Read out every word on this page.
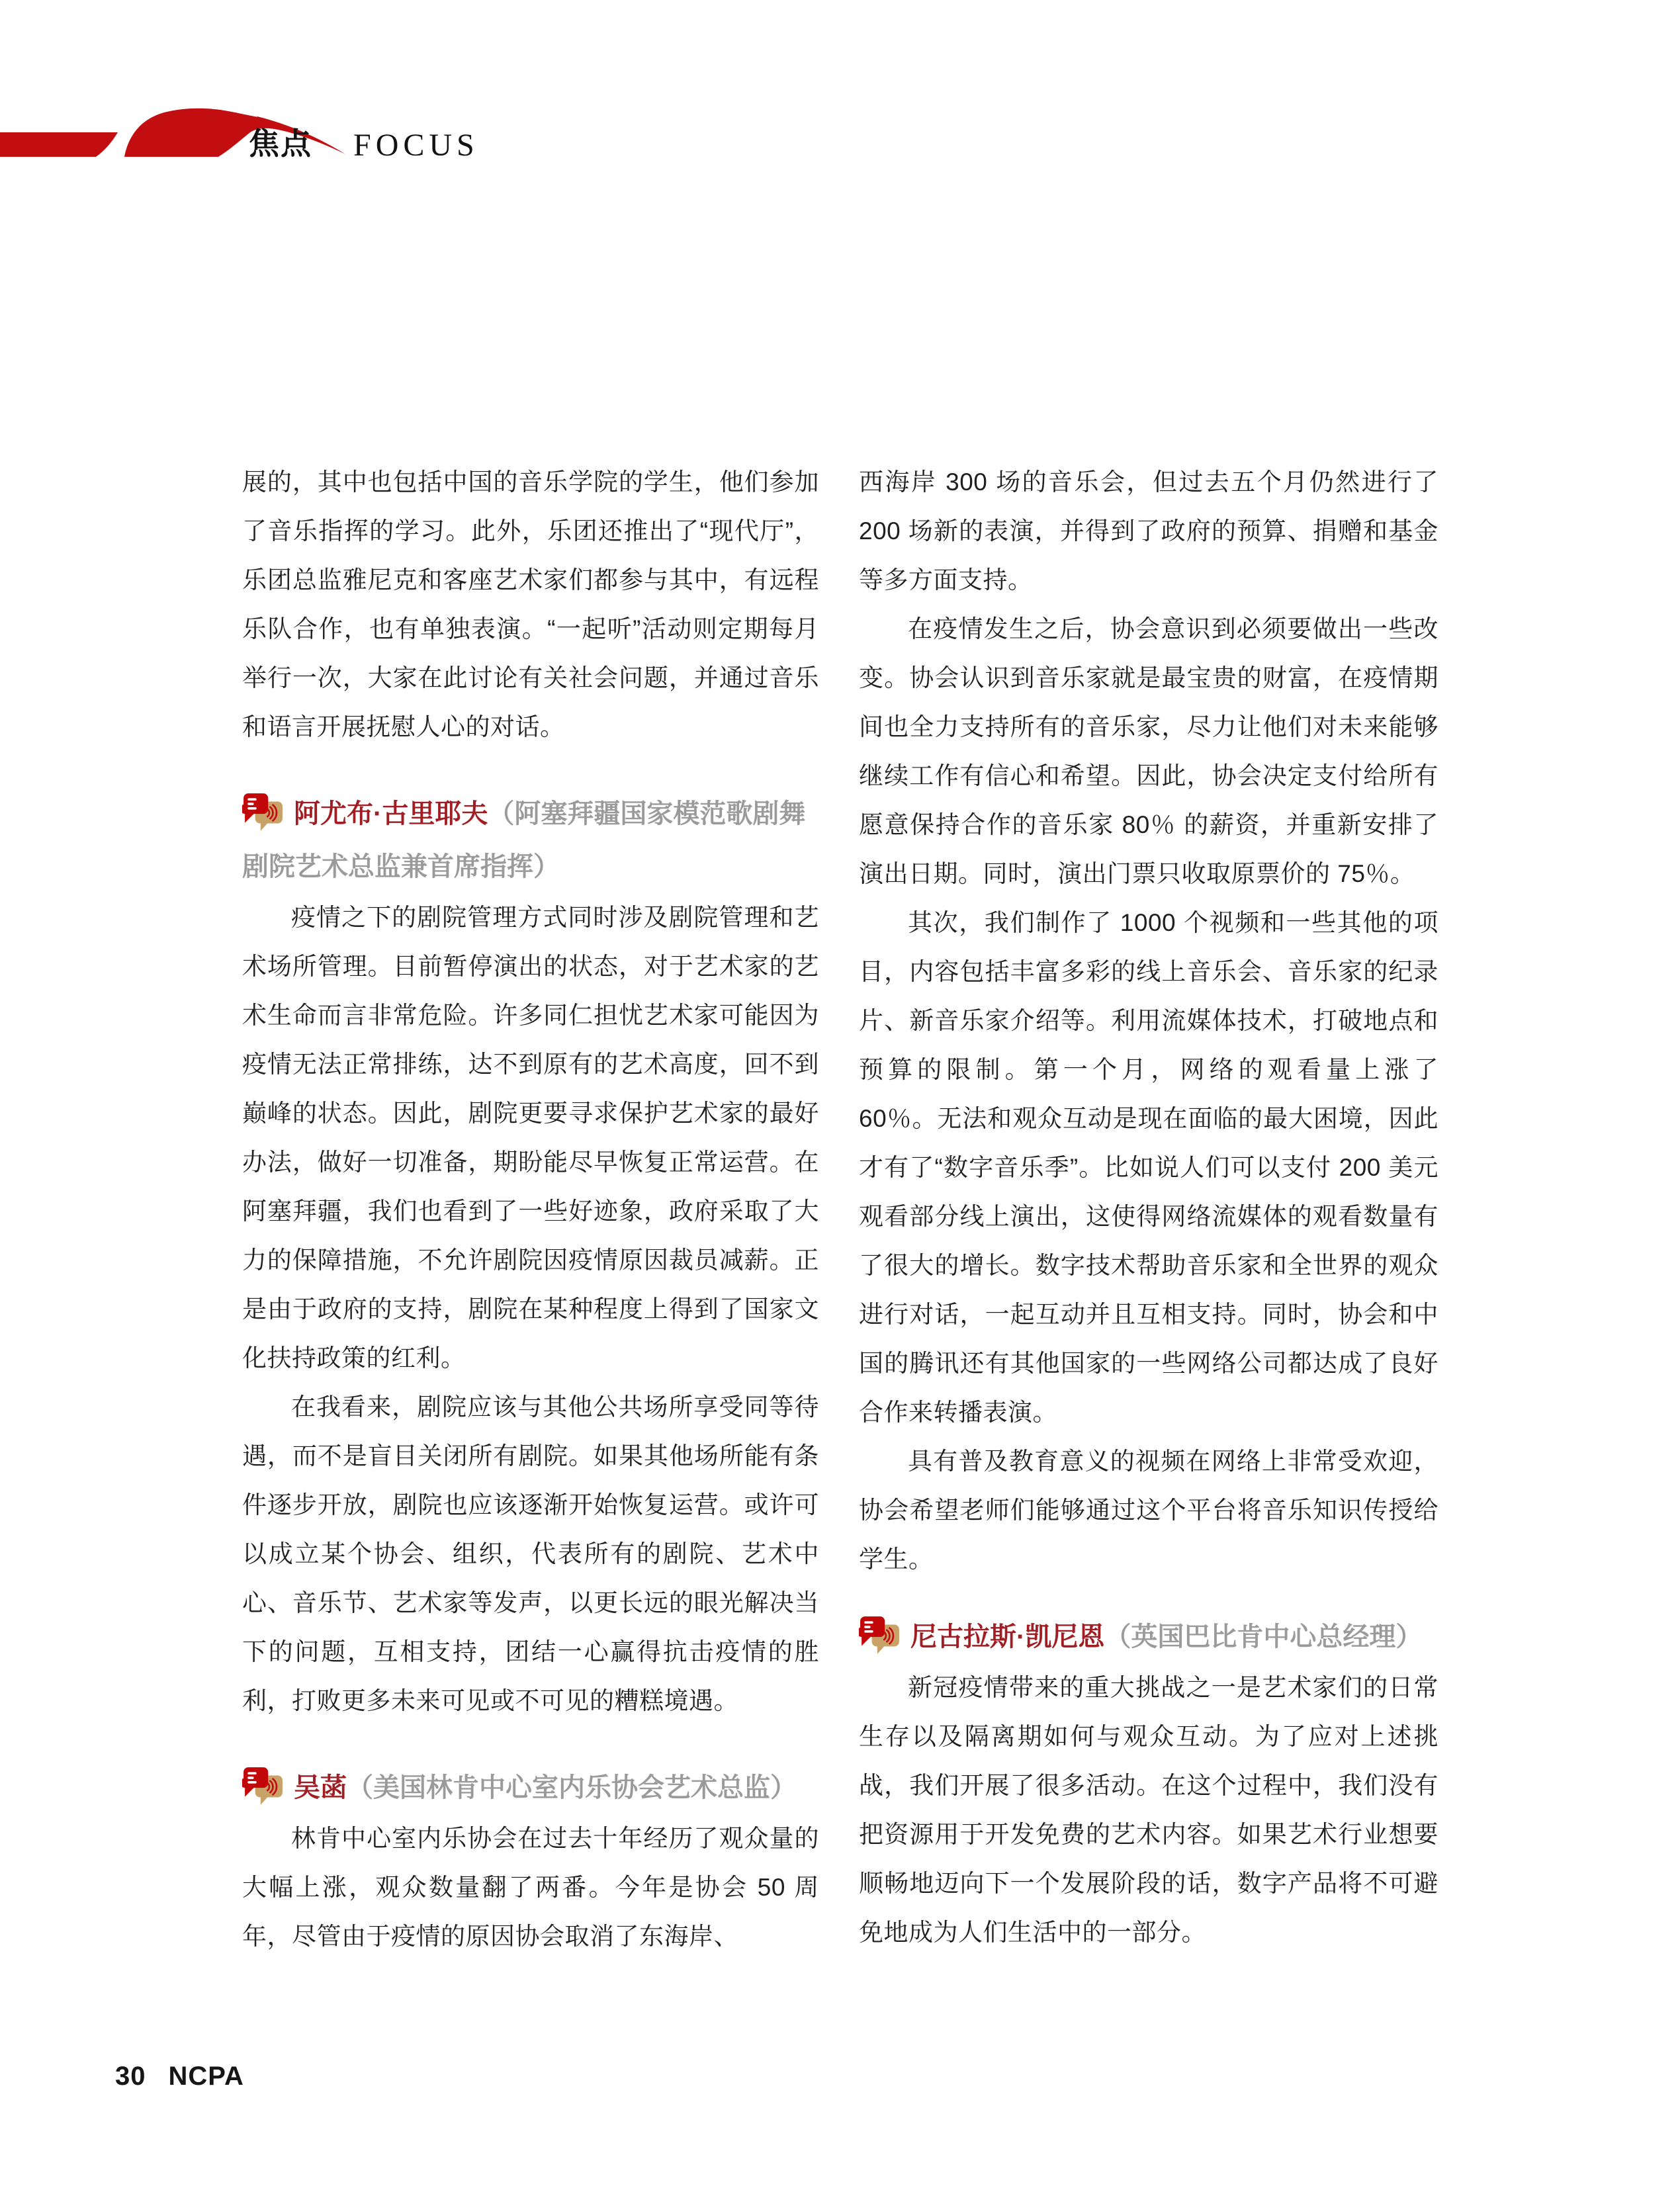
焦点 FOCUS

展的，其中也包括中国的音乐学院的学生，他们参加了音乐指挥的学习。此外，乐团还推出了“现代厅”，乐团总监雅尼克和客座艺术家们都参与其中，有远程乐队合作，也有单独表演。“一起听”活动则定期每月举行一次，大家在此讨论有关社会问题，并通过音乐和语言开展抚慰人心的对话。

阿尤布·古里耶夫（阿塞拜疆国家模范歌剧舞剧院艺术总监兼首席指挥）

疫情之下的剧院管理方式同时涉及剧院管理和艺术场所管理。目前暂停演出的状态，对于艺术家的艺术生命而言非常危险。许多同仁担忧艺术家可能因为疫情无法正常排练，达不到原有的艺术高度，回不到巅峰的状态。因此，剧院更要寻求保护艺术家的最好办法，做好一切准备，期盼能尽早恢复正常运营。在阿塞拜疆，我们也看到了一些好迹象，政府采取了大力的保障措施，不允许剧院因疫情原因裁员减薪。正是由于政府的支持，剧院在某种程度上得到了国家文化扶持政策的红利。

在我看来，剧院应该与其他公共场所享受同等待遇，而不是盲目关闭所有剧院。如果其他场所能有条件逐步开放，剧院也应该逐渐开始恢复运营。或许可以成立某个协会、组织，代表所有的剧院、艺术中心、音乐节、艺术家等发声，以更长远的眼光解决当下的问题，互相支持，团结一心赢得抗击疫情的胜利，打败更多未来可见或不可见的糟糕境遇。

吴菡（美国林肯中心室内乐协会艺术总监）

林肯中心室内乐协会在过去十年经历了观众量的大幅上涨，观众数量翻了两番。今年是协会 50 周年，尽管由于疫情的原因协会取消了东海岸、

西海岸 300 场的音乐会，但过去五个月仍然进行了 200 场新的表演，并得到了政府的预算、捐赠和基金等多方面支持。

在疫情发生之后，协会意识到必须要做出一些改变。协会认识到音乐家就是最宝贵的财富，在疫情期间也全力支持所有的音乐家，尽力让他们对未来能够继续工作有信心和希望。因此，协会决定支付给所有愿意保持合作的音乐家 80％ 的薪资，并重新安排了演出日期。同时，演出门票只收取原票价的 75％。

其次，我们制作了 1000 个视频和一些其他的项目，内容包括丰富多彩的线上音乐会、音乐家的纪录片、新音乐家介绍等。利用流媒体技术，打破地点和预算的限制。第一个月，网络的观看量上涨了 60％。无法和观众互动是现在面临的最大困境，因此才有了“数字音乐季”。比如说人们可以支付 200 美元观看部分线上演出，这使得网络流媒体的观看数量有了很大的增长。数字技术帮助音乐家和全世界的观众进行对话，一起互动并且互相支持。同时，协会和中国的腾讯还有其他国家的一些网络公司都达成了良好合作来转播表演。

具有普及教育意义的视频在网络上非常受欢迎，协会希望老师们能够通过这个平台将音乐知识传授给学生。

尼古拉斯·凯尼恩（英国巴比肯中心总经理）

新冠疫情带来的重大挑战之一是艺术家们的日常生存以及隔离期如何与观众互动。为了应对上述挑战，我们开展了很多活动。在这个过程中，我们没有把资源用于开发免费的艺术内容。如果艺术行业想要顺畅地迈向下一个发展阶段的话，数字产品将不可避免地成为人们生活中的一部分。

30 NCPA
